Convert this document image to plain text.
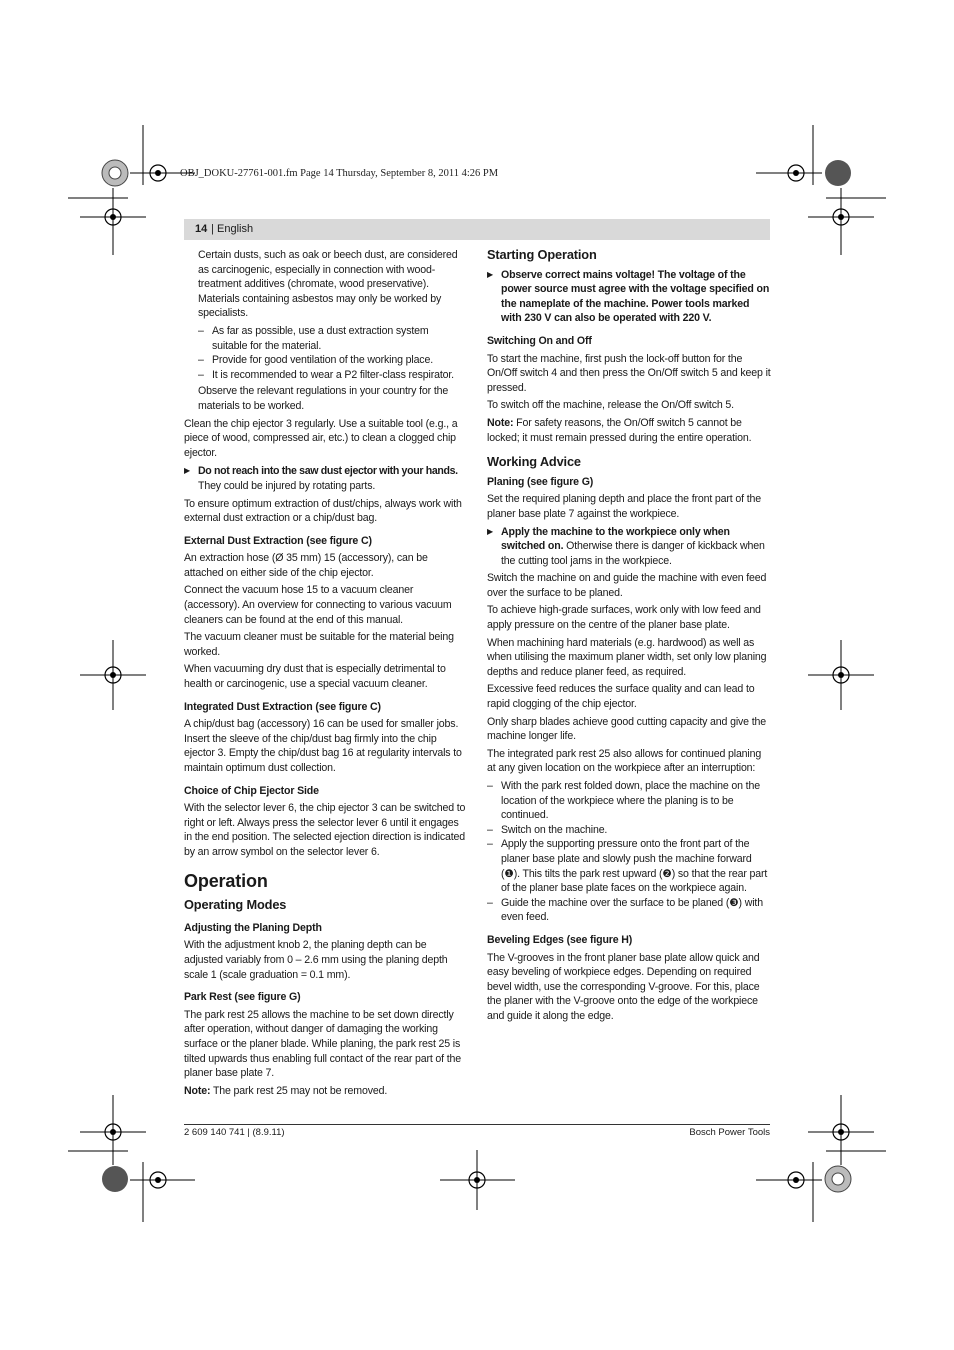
OBJ_DOKU-27761-001.fm Page 14 Thursday, September 8, 2011 4:26 PM
14 | English

Certain dusts, such as oak or beech dust, are considered as carcinogenic, especially in connection with wood-treatment additives (chromate, wood preservative). Materials containing asbestos may only be worked by specialists.

– As far as possible, use a dust extraction system suitable for the material.
– Provide for good ventilation of the working place.
– It is recommended to wear a P2 filter-class respirator.

Observe the relevant regulations in your country for the materials to be worked.

Clean the chip ejector 3 regularly. Use a suitable tool (e.g., a piece of wood, compressed air, etc.) to clean a clogged chip ejector.

▶ Do not reach into the saw dust ejector with your hands.
They could be injured by rotating parts.

To ensure optimum extraction of dust/chips, always work with external dust extraction or a chip/dust bag.

External Dust Extraction (see figure C)

An extraction hose (Ø 35 mm) 15 (accessory), can be attached on either side of the chip ejector.

Connect the vacuum hose 15 to a vacuum cleaner (accessory). An overview for connecting to various vacuum cleaners can be found at the end of this manual.

The vacuum cleaner must be suitable for the material being worked.

When vacuuming dry dust that is especially detrimental to health or carcinogenic, use a special vacuum cleaner.

Integrated Dust Extraction (see figure C)

A chip/dust bag (accessory) 16 can be used for smaller jobs. Insert the sleeve of the chip/dust bag firmly into the chip ejector 3. Empty the chip/dust bag 16 at regularity intervals to maintain optimum dust collection.

Choice of Chip Ejector Side

With the selector lever 6, the chip ejector 3 can be switched to right or left. Always press the selector lever 6 until it engages in the end position. The selected ejection direction is indicated by an arrow symbol on the selector lever 6.

Operation
Operating Modes
Adjusting the Planing Depth

With the adjustment knob 2, the planing depth can be adjusted variably from 0 – 2.6 mm using the planing depth scale 1 (scale graduation = 0.1 mm).

Park Rest (see figure G)

The park rest 25 allows the machine to be set down directly after operation, without danger of damaging the working surface or the planer blade. While planing, the park rest 25 is tilted upwards thus enabling full contact of the rear part of the planer base plate 7.

Note: The park rest 25 may not be removed.

Starting Operation
▶ Observe correct mains voltage! The voltage of the power source must agree with the voltage specified on the nameplate of the machine. Power tools marked with 230 V can also be operated with 220 V.
Switching On and Off

To start the machine, first push the lock-off button for the On/Off switch 4 and then press the On/Off switch 5 and keep it pressed.

To switch off the machine, release the On/Off switch 5.

Note: For safety reasons, the On/Off switch 5 cannot be locked; it must remain pressed during the entire operation.

Working Advice
Planing (see figure G)

Set the required planing depth and place the front part of the planer base plate 7 against the workpiece.

▶ Apply the machine to the workpiece only when switched on. Otherwise there is danger of kickback when the cutting tool jams in the workpiece.

Switch the machine on and guide the machine with even feed over the surface to be planed.

To achieve high-grade surfaces, work only with low feed and apply pressure on the centre of the planer base plate.

When machining hard materials (e.g. hardwood) as well as when utilising the maximum planer width, set only low planing depths and reduce planer feed, as required.

Excessive feed reduces the surface quality and can lead to rapid clogging of the chip ejector.

Only sharp blades achieve good cutting capacity and give the machine longer life.

The integrated park rest 25 also allows for continued planing at any given location on the workpiece after an interruption:

– With the park rest folded down, place the machine on the location of the workpiece where the planing is to be continued.
– Switch on the machine.
– Apply the supporting pressure onto the front part of the planer base plate and slowly push the machine forward (❶). This tilts the park rest upward (❷) so that the rear part of the planer base plate faces on the workpiece again.
– Guide the machine over the surface to be planed (❸) with even feed.
Beveling Edges (see figure H)

The V-grooves in the front planer base plate allow quick and easy beveling of workpiece edges. Depending on required bevel width, use the corresponding V-groove. For this, place the planer with the V-groove onto the edge of the workpiece and guide it along the edge.

2 609 140 741 | (8.9.11)	Bosch Power Tools
